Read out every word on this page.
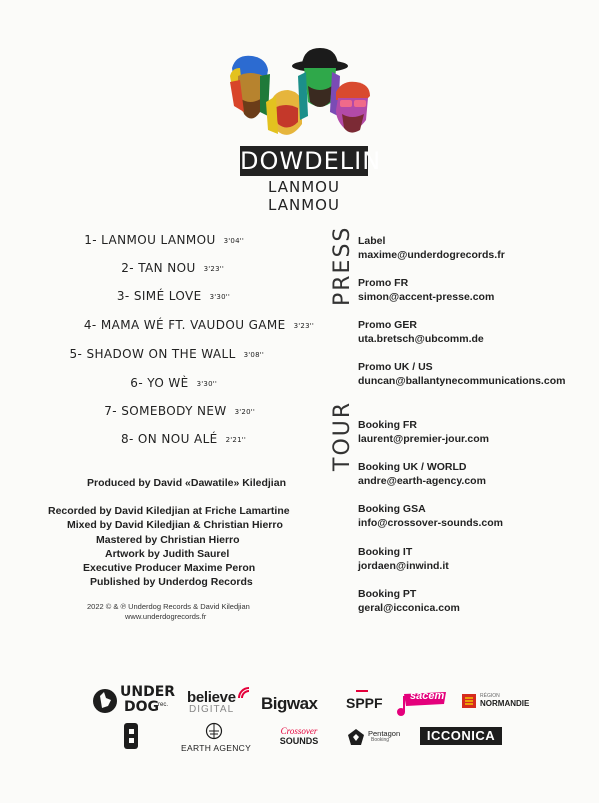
DOWDELIN
LANMOU LANMOU
1- LANMOU LANMOU 3'04''
2- TAN NOU 3'23''
3- SIMÉ LOVE 3'30''
4- MAMA WÉ FT. VAUDOU GAME 3'23''
5- SHADOW ON THE WALL 3'08''
6- YO WÈ 3'30''
7- SOMEBODY NEW 3'20''
8- ON NOU ALÉ 2'21''
Produced by David «Dawatile» Kiledjian
Recorded by David Kiledjian at Friche Lamartine
Mixed by David Kiledjian & Christian Hierro
Mastered by Christian Hierro
Artwork by Judith Saurel
Executive Producer Maxime Peron
Published by Underdog Records
2022 © & ℗ Underdog Records & David Kiledjian
www.underdogrecords.fr
PRESS
TOUR
Label
maxime@underdogrecords.fr
Promo FR
simon@accent-presse.com
Promo GER
uta.bretsch@ubcomm.de
Promo UK / US
duncan@ballantynecommunications.com
Booking FR
laurent@premier-jour.com
Booking UK / WORLD
andre@earth-agency.com
Booking GSA
info@crossover-sounds.com
Booking IT
jordaen@inwind.it
Booking PT
geral@icconica.com
UNDER
DOG
rec. believe
DIGITAL Bigwax SPPF sacem	RÉGION
NORMANDIE
EARTH AGENCY
Crossover
SOUNDS
Pentagon
Booking	ICCONICA
